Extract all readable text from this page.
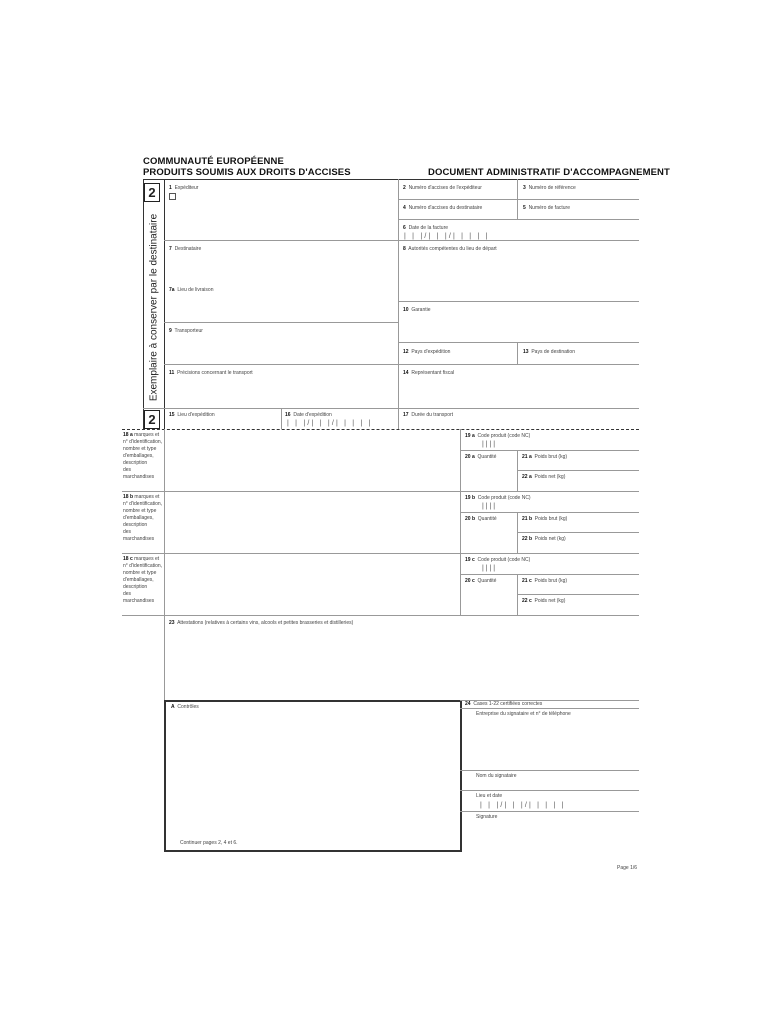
COMMUNAUTÉ EUROPÉENNE
PRODUITS SOUMIS AUX DROITS D'ACCISES	DOCUMENT ADMINISTRATIF D'ACCOMPAGNEMENT
2
2
Exemplaire à conserver par le destinataire
1 Expéditeur	2 Numéro d'accises de l'expéditeur	3 Numéro de référence
4 Numéro d'accises du destinataire	5 Numéro de facture
6 Date de la facture
| | |/| | |/| | | | |
7 Destinataire	8 Autorités compétentes du lieu de départ
7a Lieu de livraison
10 Garantie
9 Transporteur
12 Pays d'expédition	13 Pays de destination
11 Précisions concernant le transport	14 Représentant fiscal
15 Lieu d'expédition	16 Date d'expédition
| | |/| | |/| | | | |
17 Durée du transport
18 a marques et
n° d'identification,
nombre et type
d'emballages,
description
des marchandises
19 a Code produit (code NC)
| | | |
20 a Quantité	21 a Poids brut (kg)
22 a Poids net (kg)
18 b marques et
n° d'identification,
nombre et type
d'emballages,
description
des marchandises
19 b Code produit (code NC)
| | | |
20 b Quantité	21 b Poids brut (kg)
22 b Poids net (kg)
18 c marques et
n° d'identification,
nombre et type
d'emballages,
description
des marchandises
19 c Code produit (code NC)
| | | |
20 c Quantité	21 c Poids brut (kg)
22 c Poids net (kg)
23 Attestations (relatives à certains vins, alcools et petites brasseries et distilleries)
A Contrôles
Continuer pages 2, 4 et 6.
24 Cases 1-22 certifiées correctes
Entreprise du signataire et n° de téléphone
Nom du signataire
Lieu et date
| | |/| | |/| | | | |
Signature
Page 1/6
